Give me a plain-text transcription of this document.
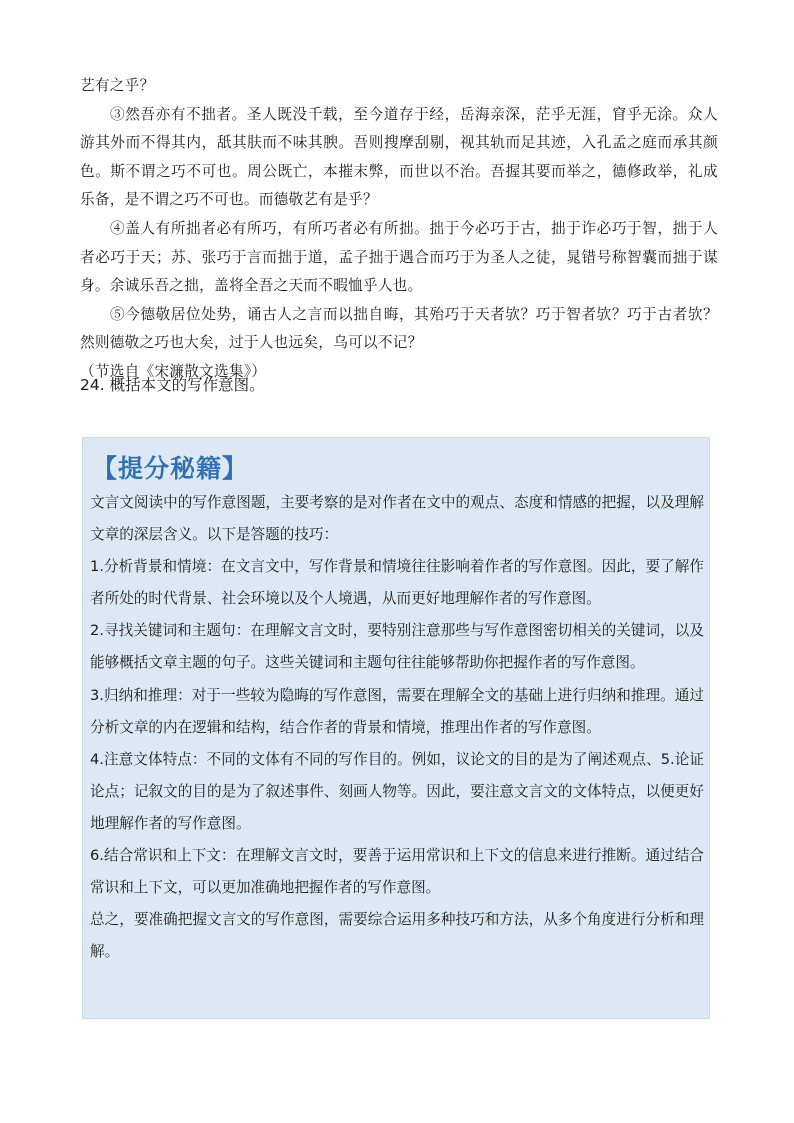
艺有之乎？

③然吾亦有不拙者。圣人既没千载，至今道存于经，岳海亲深，茫乎无涯，窅乎无涂。众人游其外而不得其内，舐其肤而不味其腴。吾则搜摩刮剔，视其轨而足其迹，入孔孟之庭而承其颜色。斯不谓之巧不可也。周公既亡，本摧末弊，而世以不治。吾握其要而举之，德修政举，礼成乐备，是不谓之巧不可也。而德敬艺有是乎？

④盖人有所拙者必有所巧，有所巧者必有所拙。拙于今必巧于古，拙于诈必巧于智，拙于人者必巧于天；苏、张巧于言而拙于道，孟子拙于遇合而巧于为圣人之徒，晁错号称智囊而拙于谋身。余诚乐吾之拙，盖将全吾之天而不暇恤乎人也。

⑤今德敬居位处势，诵古人之言而以拙自晦，其殆巧于天者欤？巧于智者欤？巧于古者欤？然则德敬之巧也大矣，过于人也远矣，乌可以不记？

（节选自《宋濂散文选集》）

24. 概括本文的写作意图。
【提分秘籍】

文言文阅读中的写作意图题，主要考察的是对作者在文中的观点、态度和情感的把握，以及理解文章的深层含义。以下是答题的技巧：

1.分析背景和情境：在文言文中，写作背景和情境往往影响着作者的写作意图。因此，要了解作者所处的时代背景、社会环境以及个人境遇，从而更好地理解作者的写作意图。

2.寻找关键词和主题句：在理解文言文时，要特别注意那些与写作意图密切相关的关键词，以及能够概括文章主题的句子。这些关键词和主题句往往能够帮助你把握作者的写作意图。

3.归纳和推理：对于一些较为隐晦的写作意图，需要在理解全文的基础上进行归纳和推理。通过分析文章的内在逻辑和结构，结合作者的背景和情境，推理出作者的写作意图。

4.注意文体特点：不同的文体有不同的写作目的。例如，议论文的目的是为了阐述观点、5.论证论点；记叙文的目的是为了叙述事件、刻画人物等。因此，要注意文言文的文体特点，以便更好地理解作者的写作意图。

6.结合常识和上下文：在理解文言文时，要善于运用常识和上下文的信息来进行推断。通过结合常识和上下文，可以更加准确地把握作者的写作意图。

总之，要准确把握文言文的写作意图，需要综合运用多种技巧和方法，从多个角度进行分析和理解。
